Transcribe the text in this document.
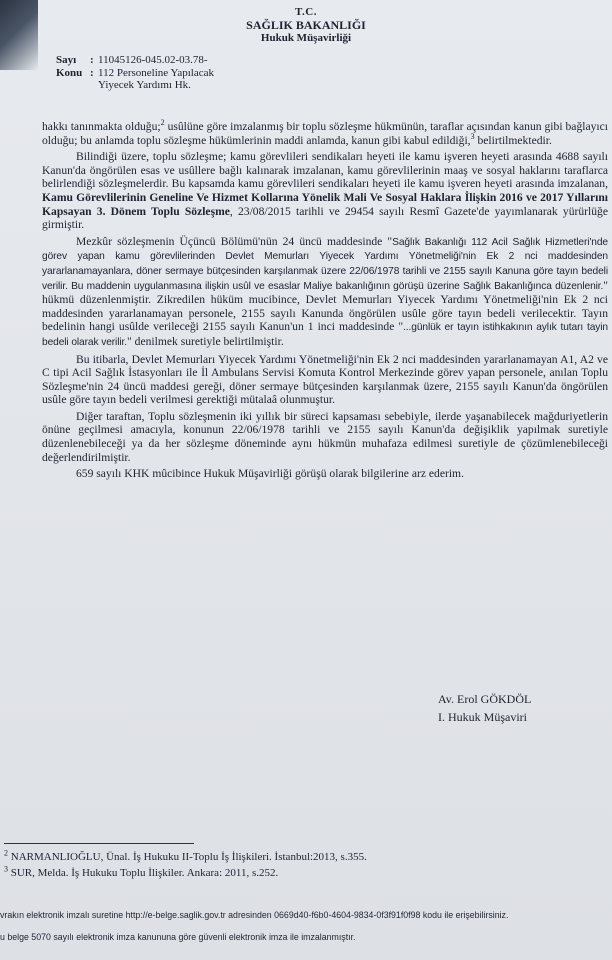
T.C.
SAĞLIK BAKANLIĞI
Hukuk Müşavirliği
Sayı	: 11045126-045.02-03.78-
Konu : 112 Personeline Yapılacak
Yiyecek Yardımı Hk.

hakkı tanınmakta olduğu;$^2$ usûlüne göre imzalanmış bir toplu sözleşme hükmünün, taraflar açısından kanun gibi bağlayıcı olduğu; bu anlamda toplu sözleşme hükümlerinin maddi anlamda, kanun gibi kabul edildiği,$^3$ belirtilmektedir.

Bilindiği üzere, toplu sözleşme; kamu görevlileri sendikaları heyeti ile kamu işveren heyeti arasında 4688 sayılı Kanun'da öngörülen esas ve usûllere bağlı kalınarak imzalanan, kamu görevlilerinin maaş ve sosyal haklarını taraflarca belirlendiği sözleşmelerdir. Bu kapsamda kamu görevlileri sendikaları heyeti ile kamu işveren heyeti arasında imzalanan, Kamu Görevlilerinin Geneline Ve Hizmet Kollarına Yönelik Mali Ve Sosyal Haklara İlişkin 2016 ve 2017 Yıllarını Kapsayan 3. Dönem Toplu Sözleşme, 23/08/2015 tarihli ve 29454 sayılı Resmî Gazete'de yayımlanarak yürürlüğe girmiştir.

Mezkûr sözleşmenin Üçüncü Bölümü'nün 24 üncü maddesinde "Sağlık Bakanlığı 112 Acil Sağlık Hizmetleri'nde görev yapan kamu görevlilerinden Devlet Memurları Yiyecek Yardımı Yönetmeliği'nin Ek 2 nci maddesinden yararlanamayanlara, döner sermaye bütçesinden karşılanmak üzere 22/06/1978 tarihli ve 2155 sayılı Kanuna göre tayın bedeli verilir. Bu maddenin uygulanmasına ilişkin usûl ve esaslar Maliye bakanlığının görüşü üzerine Sağlık Bakanlığınca düzenlenir." hükmü düzenlenmiştir. Zikredilen hüküm mucibince, Devlet Memurları Yiyecek Yardımı Yönetmeliği'nin Ek 2 nci maddesinden yararlanamayan personele, 2155 sayılı Kanunda öngörülen usûle göre tayın bedeli verilecektir. Tayın bedelinin hangi usûlde verileceği 2155 sayılı Kanun'un 1 inci maddesinde "...günlük er tayın istihkakının aylık tutarı tayin bedeli olarak verilir." denilmek suretiyle belirtilmiştir.

Bu itibarla, Devlet Memurları Yiyecek Yardımı Yönetmeliği'nin Ek 2 nci maddesinden yararlanamayan A1, A2 ve C tipi Acil Sağlık İstasyonları ile İl Ambulans Servisi Komuta Kontrol Merkezinde görev yapan personele, anılan Toplu Sözleşme'nin 24 üncü maddesi gereği, döner sermaye bütçesinden karşılanmak üzere, 2155 sayılı Kanun'da öngörülen usûle göre tayın bedeli verilmesi gerektiği mütalaâ olunmuştur.

Diğer taraftan, Toplu sözleşmenin iki yıllık bir süreci kapsaması sebebiyle, ilerde yaşanabilecek mağduriyetlerin önüne geçilmesi amacıyla, konunun 22/06/1978 tarihli ve 2155 sayılı Kanun'da değişiklik yapılmak suretiyle düzenlenebileceği ya da her sözleşme döneminde aynı hükmün muhafaza edilmesi suretiyle de çözümlenebileceği değerlendirilmiştir.

659 sayılı KHK mûcibince Hukuk Müşavirliği görüşü olarak bilgilerine arz ederim.

Av. Erol GÖKDÖL
I. Hukuk Müşaviri
$^2$ NARMANLIOĞLU, Ünal. İş Hukuku II-Toplu İş İlişkileri. İstanbul:2013, s.355.
$^3$ SUR, Melda. İş Hukuku Toplu İlişkiler. Ankara: 2011, s.252.
vrakın elektronik imzalı suretine http://e-belge.saglik.gov.tr adresinden 0669d40-f6b0-4604-9834-0f3f91f0f98 kodu ile erişebilirsiniz.
u belge 5070 sayılı elektronik imza kanununa göre güvenli elektronik imza ile imzalanmıştır.
